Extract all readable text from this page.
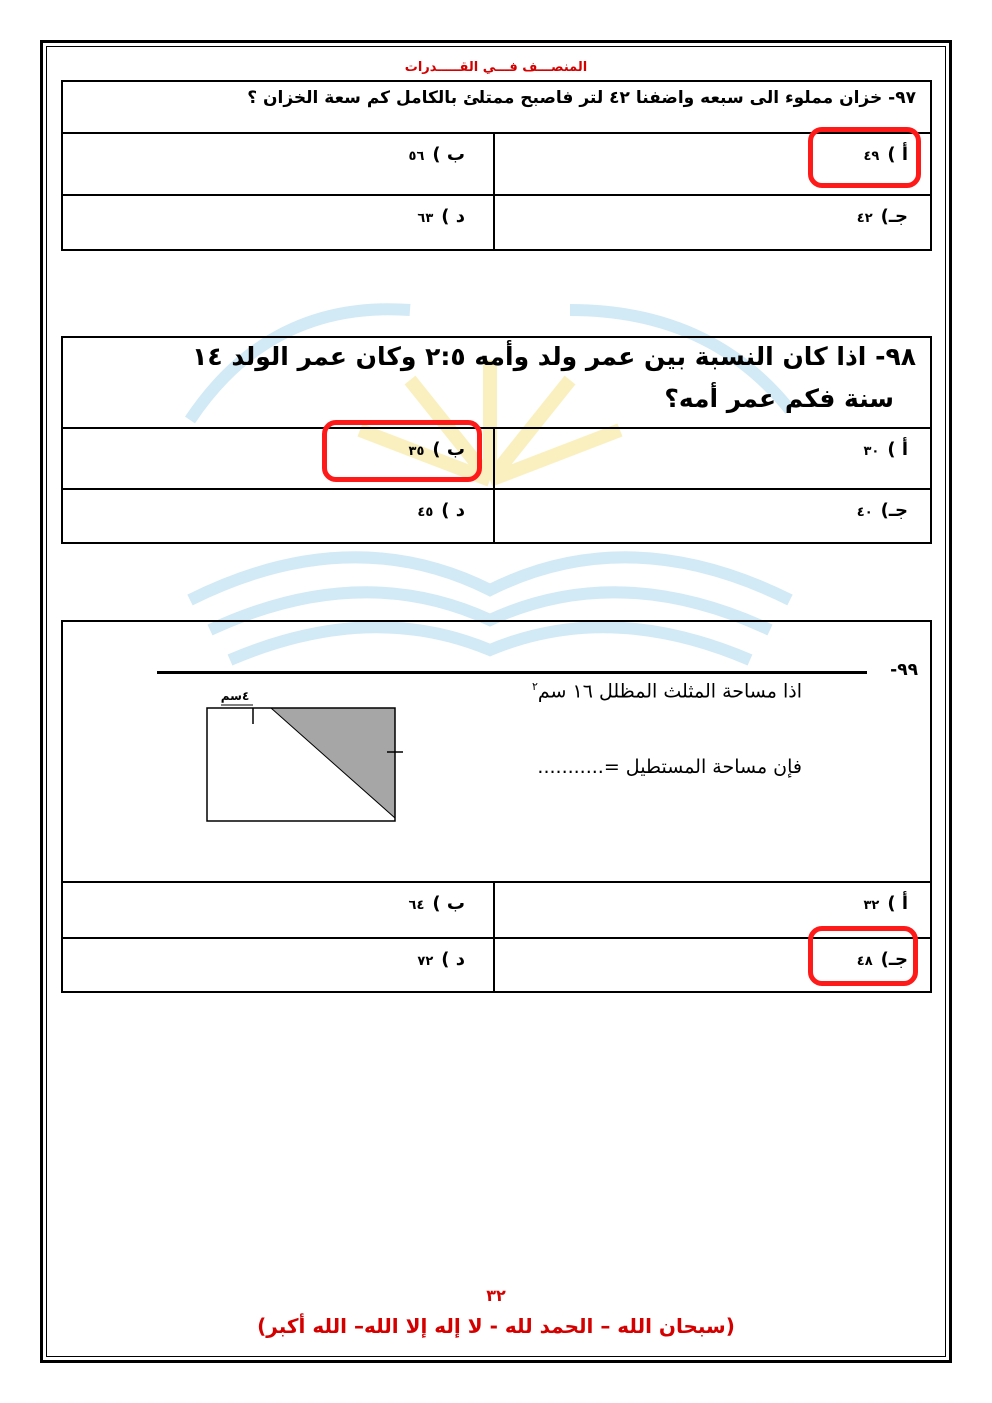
المنصـــف فـــي القـــــدرات
٩٧- خزان مملوء الى سبعه واضفنا ٤٢ لتر فاصبح ممتلئ بالكامل كم سعة الخزان ؟
أ )٤٩
ب )٥٦
جـ)٤٢
د )٦٣
٩٨- اذا كان النسبة بين عمر ولد وأمه ٢:٥ وكان عمر الولد ١٤
سنة فكم عمر أمه؟
أ )٣٠
ب )٣٥
جـ)٤٠
د )٤٥
٩٩-
اذا مساحة المثلث المظلل ١٦ سم$^٢$
فإن مساحة المستطيل =...........
٤سم
أ )٣٢
ب )٦٤
جـ)٤٨
د )٧٢
٣٢
(سبحان الله – الحمد لله - لا إله إلا الله– الله أكبر)
